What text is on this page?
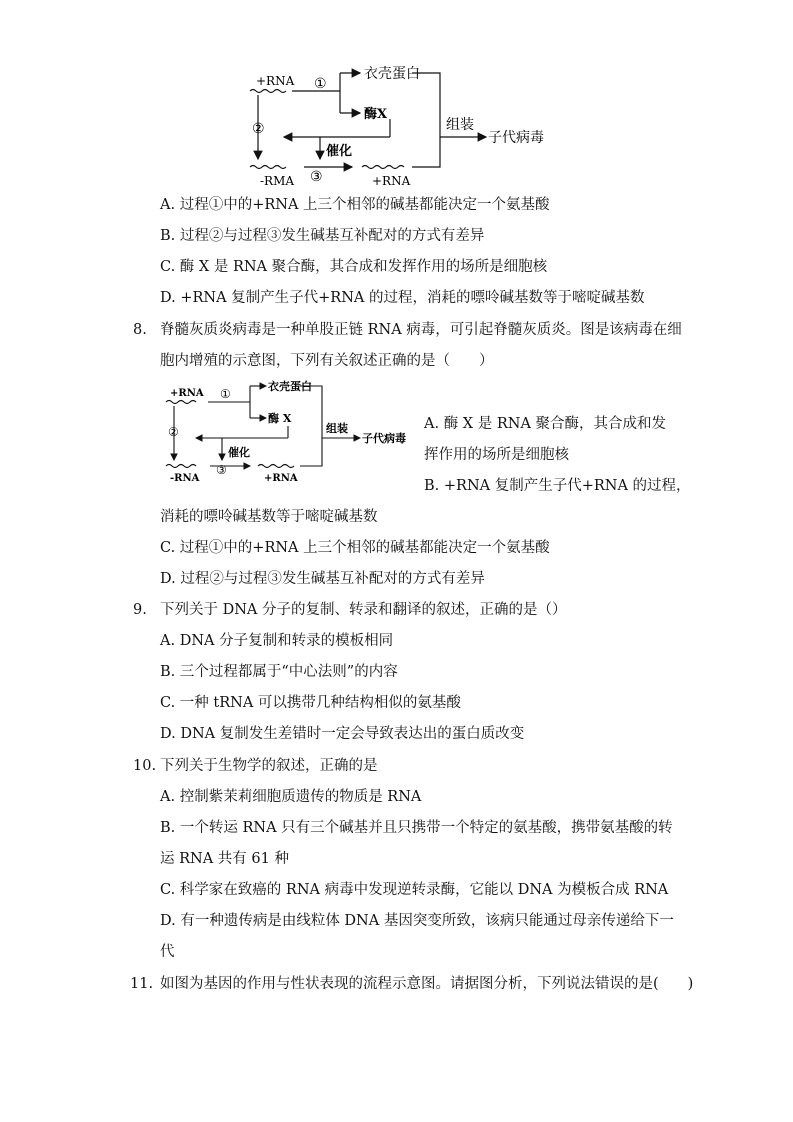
+RNA ①
衣壳蛋白
酶X
②
催化
-RMA ③	+RNA
组装
子代病毒
A. 过程①中的+RNA 上三个相邻的碱基都能决定一个氨基酸
B. 过程②与过程③发生碱基互补配对的方式有差异
C. 酶 X 是 RNA 聚合酶，其合成和发挥作用的场所是细胞核
D. +RNA 复制产生子代+RNA 的过程，消耗的嘌呤碱基数等于嘧啶碱基数
8. 脊髓灰质炎病毒是一种单股正链 RNA 病毒，可引起脊髓灰质炎。图是该病毒在细
胞内增殖的示意图，下列有关叙述正确的是（　　）
+RNA ①
衣壳蛋白
酶 X
②
催化
-RNA
③
+RNA
组装
子代病毒
A. 酶 X 是 RNA 聚合酶，其合成和发
挥作用的场所是细胞核
B. +RNA 复制产生子代+RNA 的过程，
消耗的嘌呤碱基数等于嘧啶碱基数
C. 过程①中的+RNA 上三个相邻的碱基都能决定一个氨基酸
D. 过程②与过程③发生碱基互补配对的方式有差异
9. 下列关于 DNA 分子的复制、转录和翻译的叙述，正确的是（）
A. DNA 分子复制和转录的模板相同
B. 三个过程都属于“中心法则”的内容
C. 一种 tRNA 可以携带几种结构相似的氨基酸
D. DNA 复制发生差错时一定会导致表达出的蛋白质改变
10. 下列关于生物学的叙述，正确的是
A. 控制紫茉莉细胞质遗传的物质是 RNA
B. 一个转运 RNA 只有三个碱基并且只携带一个特定的氨基酸，携带氨基酸的转
运 RNA 共有 61 种
C. 科学家在致癌的 RNA 病毒中发现逆转录酶，它能以 DNA 为模板合成 RNA
D. 有一种遗传病是由线粒体 DNA 基因突变所致，该病只能通过母亲传递给下一
代
11. 如图为基因的作用与性状表现的流程示意图。请据图分析，下列说法错误的是(　　)
